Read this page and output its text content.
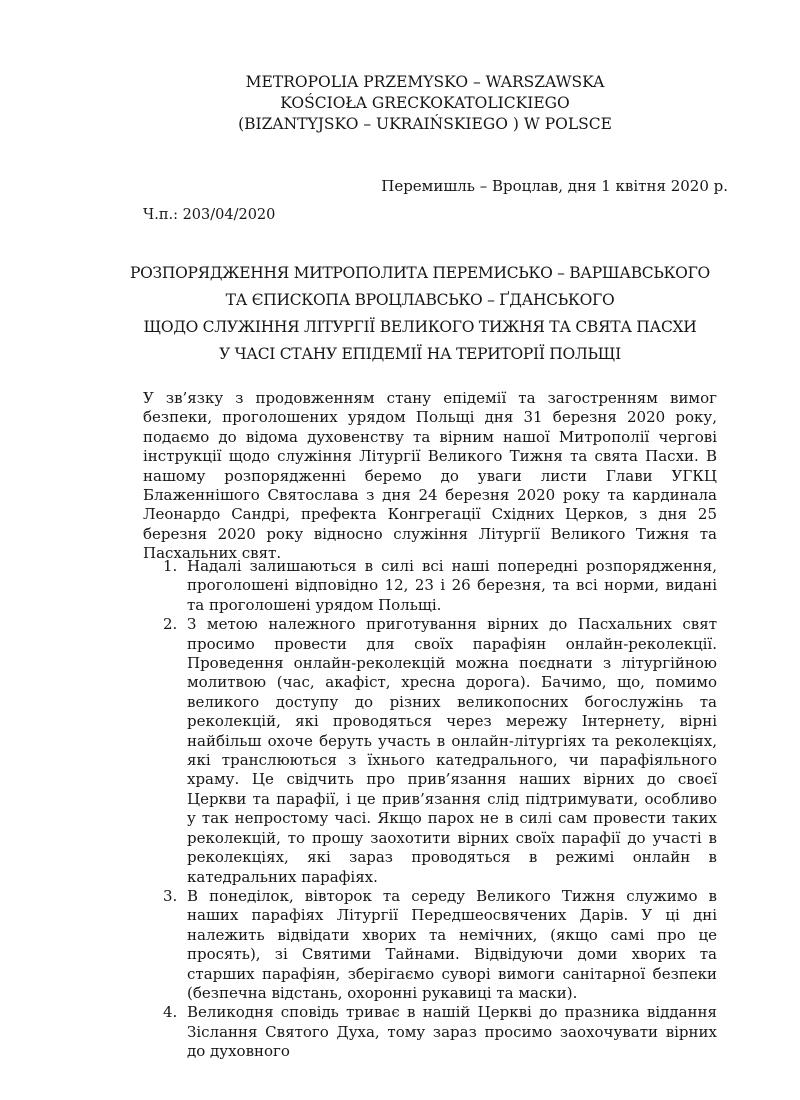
METROPOLIA PRZEMYSKO – WARSZAWSKA
KOŚCIOŁA GRECKOKATOLICKIEGO
(BIZANTYJSKO – UKRAIŃSKIEGO ) W POLSCE
Перемишль – Вроцлав, дня 1 квітня 2020 р.
Ч.п.: 203/04/2020
РОЗПОРЯДЖЕННЯ МИТРОПОЛИТА ПЕРЕМИСЬКО – ВАРШАВСЬКОГО
ТА ЄПИСКОПА ВРОЦЛАВСЬКО – ҐДАНСЬКОГО
ЩОДО СЛУЖІННЯ ЛІТУРГІЇ ВЕЛИКОГО ТИЖНЯ ТА СВЯТА ПАСХИ
У ЧАСІ СТАНУ ЕПІДЕМІЇ НА ТЕРИТОРІЇ ПОЛЬЩІ
У зв’язку з продовженням стану епідемії та загостренням вимог безпеки, проголошених урядом Польщі дня 31 березня 2020 року, подаємо до відома духовенству та вірним нашої Митрополії чергові інструкції щодо служіння Літургії Великого Тижня та свята Пасхи. В нашому розпорядженні беремо до уваги листи Глави УГКЦ Блаженнішого Святослава з дня 24 березня 2020 року та кардинала Леонардо Сандрі, префекта Конгрегації Східних Церков, з дня 25 березня 2020 року відносно служіння Літургії Великого Тижня та Пасхальних свят.
1. Надалі залишаються в силі всі наші попередні розпорядження, проголошені відповідно 12, 23 і 26 березня, та всі норми, видані та проголошені урядом Польщі.
2. З метою належного приготування вірних до Пасхальних свят просимо провести для своїх парафіян онлайн-реколекції. Проведення онлайн-реколекцій можна поєднати з літургійною молитвою (час, акафіст, хресна дорога). Бачимо, що, помимо великого доступу до різних великопосних богослужінь та реколекцій, які проводяться через мережу Інтернету, вірні найбільш охоче беруть участь в онлайн-літургіях та реколекціях, які транслюються з їхнього катедрального, чи парафіяльного храму. Це свідчить про прив’язання наших вірних до своєї Церкви та парафії, і це прив’язання слід підтримувати, особливо у так непростому часі. Якщо парох не в силі сам провести таких реколекцій, то прошу заохотити вірних своїх парафії до участі в реколекціях, які зараз проводяться в режимі онлайн в катедральних парафіях.
3. В понеділок, вівторок та середу Великого Тижня служимо в наших парафіях Літургії Передшеосвячених Дарів. У ці дні належить відвідати хворих та немічних, (якщо самі про це просять), зі Святими Тайнами. Відвідуючи доми хворих та старших парафіян, зберігаємо суворі вимоги санітарної безпеки (безпечна відстань, охоронні рукавиці та маски).
4. Великодня сповідь триває в нашій Церкві до празника віддання Зіслання Святого Духа, тому зараз просимо заохочувати вірних до духовного
